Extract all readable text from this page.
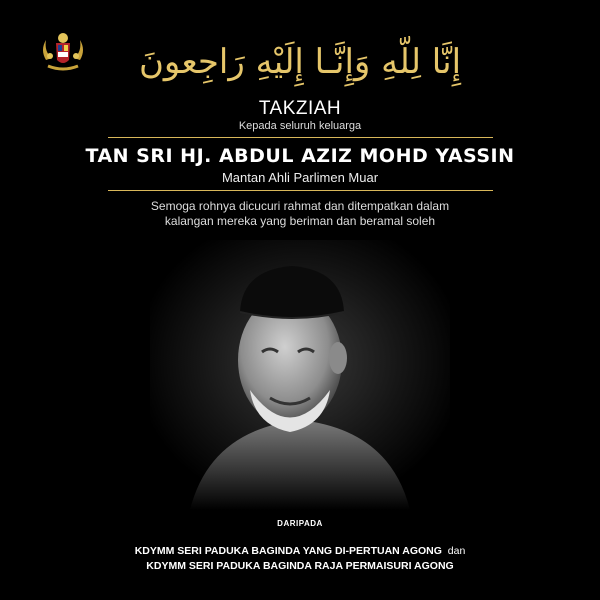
إِنَّا لِلّهِ وَإِنَّـا إِلَيْهِ رَاجِعونَ
TAKZIAH
Kepada seluruh keluarga
TAN SRI HJ. ABDUL AZIZ MOHD YASSIN
Mantan Ahli Parlimen Muar
Semoga rohnya dicucuri rahmat dan ditempatkan dalam
kalangan mereka yang beriman dan beramal soleh
DARIPADA
KDYMM SERI PADUKA BAGINDA YANG DI-PERTUAN AGONG dan
KDYMM SERI PADUKA BAGINDA RAJA PERMAISURI AGONG
